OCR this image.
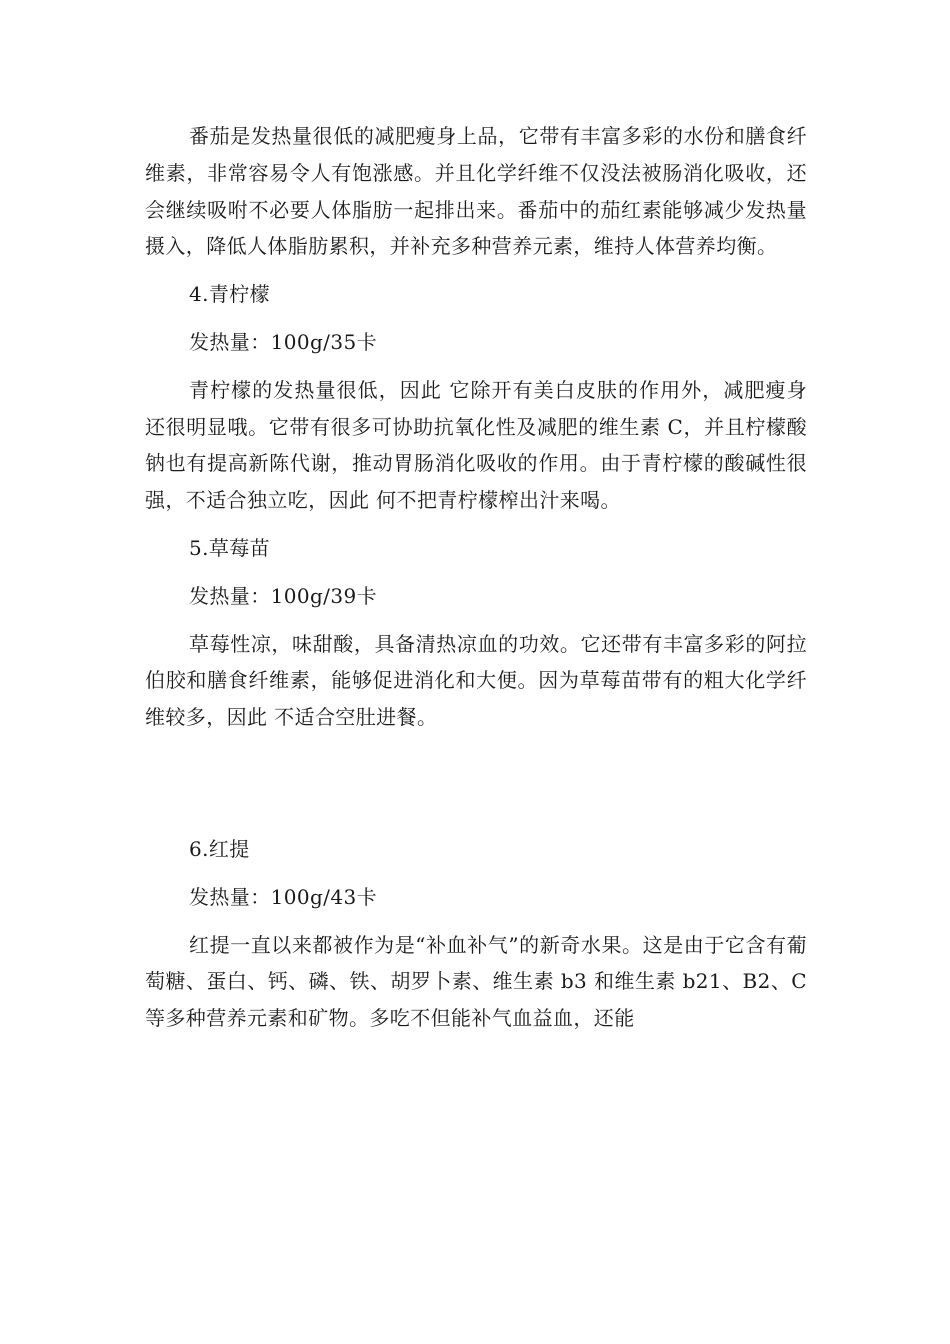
番茄是发热量很低的减肥瘦身上品，它带有丰富多彩的水份和膳食纤维素，非常容易令人有饱涨感。并且化学纤维不仅没法被肠消化吸收，还会继续吸咐不必要人体脂肪一起排出来。番茄中的茄红素能够减少发热量摄入，降低人体脂肪累积，并补充多种营养元素，维持人体营养均衡。

4.青柠檬

发热量：100g/35卡

青柠檬的发热量很低，因此 它除开有美白皮肤的作用外，减肥瘦身还很明显哦。它带有很多可协助抗氧化性及减肥的维生素 C，并且柠檬酸钠也有提高新陈代谢，推动胃肠消化吸收的作用。由于青柠檬的酸碱性很强，不适合独立吃，因此 何不把青柠檬榨出汁来喝。

5.草莓苗

发热量：100g/39卡

草莓性凉，味甜酸，具备清热凉血的功效。它还带有丰富多彩的阿拉伯胶和膳食纤维素，能够促进消化和大便。因为草莓苗带有的粗大化学纤维较多，因此 不适合空肚进餐。

6.红提

发热量：100g/43卡

红提一直以来都被作为是“补血补气”的新奇水果。这是由于它含有葡萄糖、蛋白、钙、磷、铁、胡罗卜素、维生素 b3 和维生素 b21、B2、C 等多种营养元素和矿物。多吃不但能补气血益血，还能
